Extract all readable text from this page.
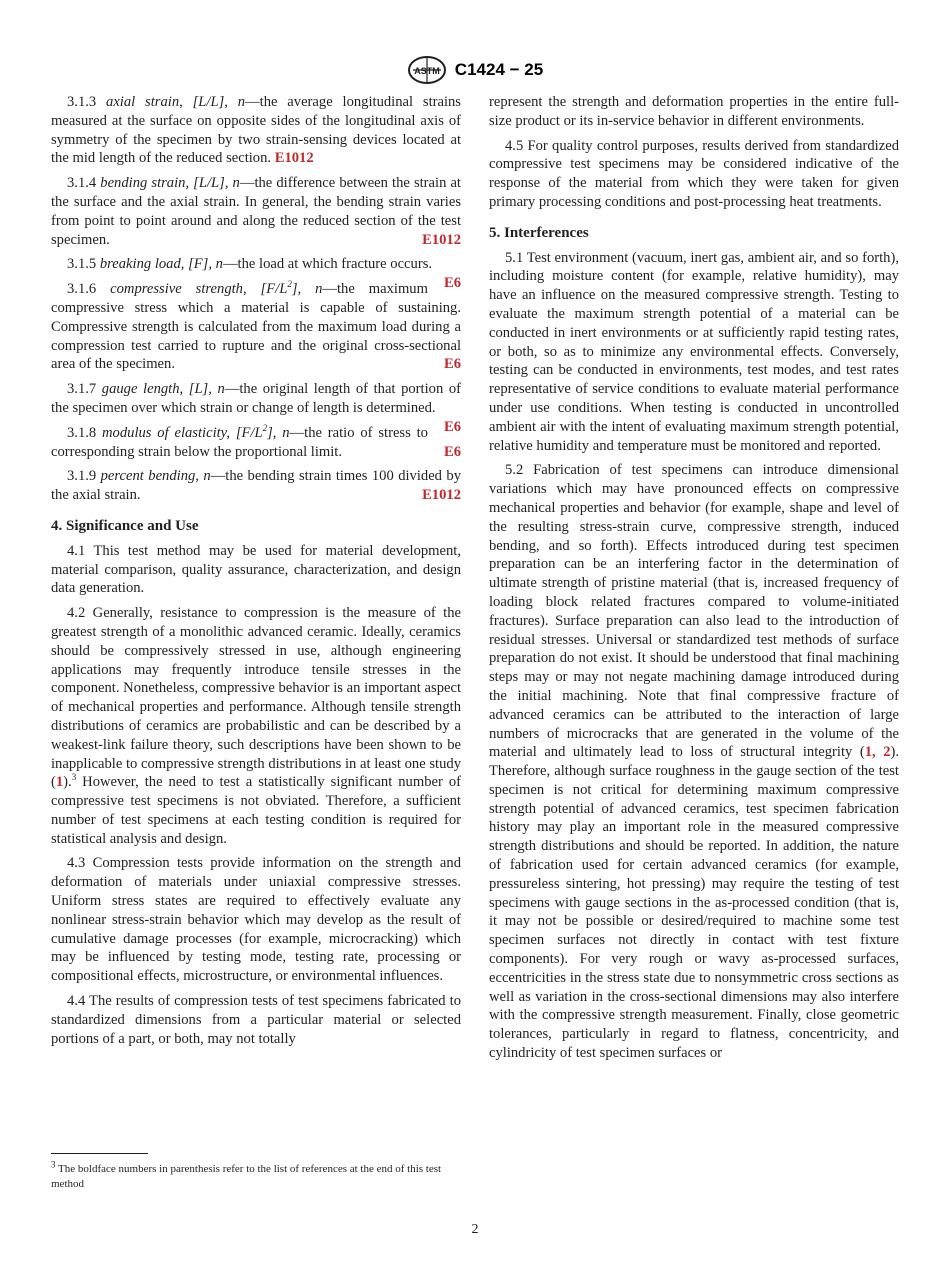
ASTM C1424 − 25

3.1.3 axial strain, [L/L], n—the average longitudinal strains measured at the surface on opposite sides of the longitudinal axis of symmetry of the specimen by two strain-sensing devices located at the mid length of the reduced section. E1012

3.1.4 bending strain, [L/L], n—the difference between the strain at the surface and the axial strain. In general, the bending strain varies from point to point around and along the reduced section of the test specimen.	E1012

3.1.5 breaking load, [F], n—the load at which fracture occurs.
E6

3.1.6 compressive strength, $[F/L^2]$, n—the maximum compressive stress which a material is capable of sustaining. Compressive strength is calculated from the maximum load during a compression test carried to rupture and the original cross-sectional area of the specimen.	E6

3.1.7 gauge length, [L], n—the original length of that portion of the specimen over which strain or change of length is determined.
E6

3.1.8 modulus of elasticity, $[F/L^2]$, n—the ratio of stress to corresponding strain below the proportional limit.	E6

3.1.9 percent bending, n—the bending strain times 100 divided by the axial strain.	E1012

4. Significance and Use

4.1 This test method may be used for material development, material comparison, quality assurance, characterization, and design data generation.

4.2 Generally, resistance to compression is the measure of the greatest strength of a monolithic advanced ceramic. Ideally, ceramics should be compressively stressed in use, although engineering applications may frequently introduce tensile stresses in the component. Nonetheless, compressive behavior is an important aspect of mechanical properties and performance. Although tensile strength distributions of ceramics are probabilistic and can be described by a weakest-link failure theory, such descriptions have been shown to be inapplicable to compressive strength distributions in at least one study (1).$^3$ However, the need to test a statistically significant number of compressive test specimens is not obviated. Therefore, a sufficient number of test specimens at each testing condition is required for statistical analysis and design.

4.3 Compression tests provide information on the strength and deformation of materials under uniaxial compressive stresses. Uniform stress states are required to effectively evaluate any nonlinear stress-strain behavior which may develop as the result of cumulative damage processes (for example, microcracking) which may be influenced by testing mode, testing rate, processing or compositional effects, microstructure, or environmental influences.

4.4 The results of compression tests of test specimens fabricated to standardized dimensions from a particular material or selected portions of a part, or both, may not totally

represent the strength and deformation properties in the entire full-size product or its in-service behavior in different environments.

4.5 For quality control purposes, results derived from standardized compressive test specimens may be considered indicative of the response of the material from which they were taken for given primary processing conditions and post-processing heat treatments.

5. Interferences

5.1 Test environment (vacuum, inert gas, ambient air, and so forth), including moisture content (for example, relative humidity), may have an influence on the measured compressive strength. Testing to evaluate the maximum strength potential of a material can be conducted in inert environments or at sufficiently rapid testing rates, or both, so as to minimize any environmental effects. Conversely, testing can be conducted in environments, test modes, and test rates representative of service conditions to evaluate material performance under use conditions. When testing is conducted in uncontrolled ambient air with the intent of evaluating maximum strength potential, relative humidity and temperature must be monitored and reported.

5.2 Fabrication of test specimens can introduce dimensional variations which may have pronounced effects on compressive mechanical properties and behavior (for example, shape and level of the resulting stress-strain curve, compressive strength, induced bending, and so forth). Effects introduced during test specimen preparation can be an interfering factor in the determination of ultimate strength of pristine material (that is, increased frequency of loading block related fractures compared to volume-initiated fractures). Surface preparation can also lead to the introduction of residual stresses. Universal or standardized test methods of surface preparation do not exist. It should be understood that final machining steps may or may not negate machining damage introduced during the initial machining. Note that final compressive fracture of advanced ceramics can be attributed to the interaction of large numbers of microcracks that are generated in the volume of the material and ultimately lead to loss of structural integrity (1, 2). Therefore, although surface roughness in the gauge section of the test specimen is not critical for determining maximum compressive strength potential of advanced ceramics, test specimen fabrication history may play an important role in the measured compressive strength distributions and should be reported. In addition, the nature of fabrication used for certain advanced ceramics (for example, pressureless sintering, hot pressing) may require the testing of test specimens with gauge sections in the as-processed condition (that is, it may not be possible or desired/required to machine some test specimen surfaces not directly in contact with test fixture components). For very rough or wavy as-processed surfaces, eccentricities in the stress state due to nonsymmetric cross sections as well as variation in the cross-sectional dimensions may also interfere with the compressive strength measurement. Finally, close geometric tolerances, particularly in regard to flatness, concentricity, and cylindricity of test specimen surfaces or

$^3$ The boldface numbers in parenthesis refer to the list of references at the end of this test method
2
